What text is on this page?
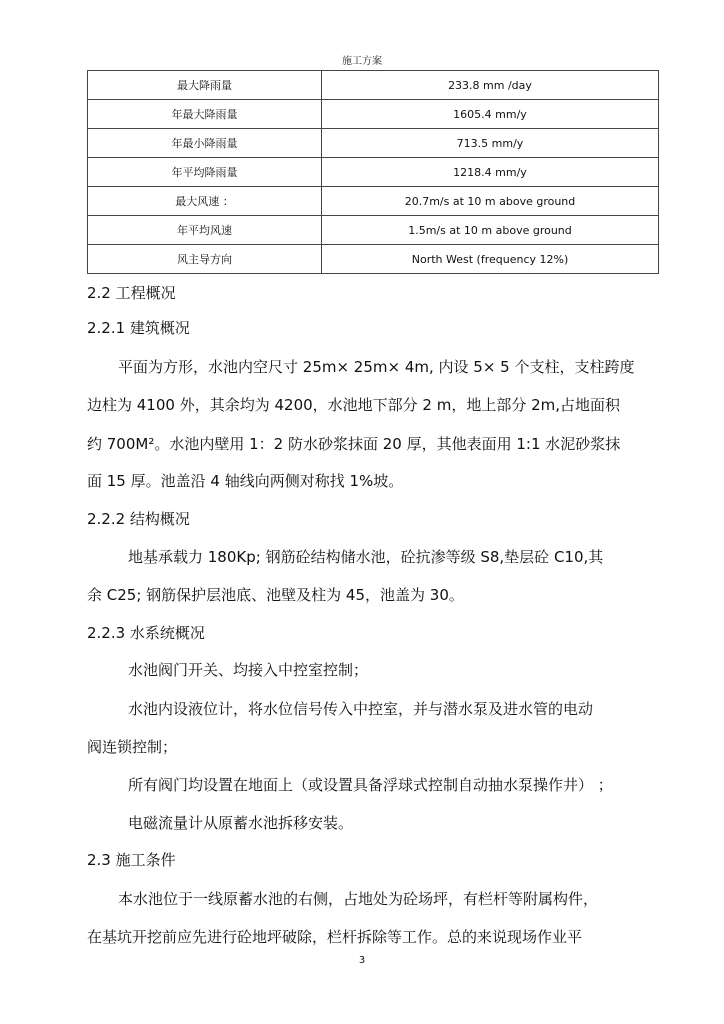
施工方案
最大降雨量	233.8 mm /day
年最大降雨量	1605.4 mm/y
年最小降雨量	713.5 mm/y
年平均降雨量	1218.4 mm/y
最大风速 ：	20.7m/s at 10 m above ground
年平均风速	1.5m/s at 10 m above ground
风主导方向	North West (frequency 12%)
2.2 工程概况
2.2.1 建筑概况
平面为方形，水池内空尺寸 25m× 25m× 4m, 内设 5× 5 个支柱，支柱跨度
边柱为 4100 外，其余均为 4200，水池地下部分 2 m，地上部分 2m,占地面积
约 700M²。水池内壁用 1：2 防水砂浆抹面 20 厚，其他表面用 1:1 水泥砂浆抹
面 15 厚。池盖沿 4 轴线向两侧对称找 1%坡。
2.2.2 结构概况
地基承载力 180Kp; 钢筋砼结构储水池，砼抗渗等级 S8,垫层砼 C10,其
余 C25; 钢筋保护层池底、池壁及柱为 45，池盖为 30。
2.2.3 水系统概况
水池阀门开关、均接入中控室控制；
水池内设液位计，将水位信号传入中控室，并与潜水泵及进水管的电动
阀连锁控制；
所有阀门均设置在地面上（或设置具备浮球式控制自动抽水泵操作井） ；
电磁流量计从原蓄水池拆移安装。
2.3 施工条件
本水池位于一线原蓄水池的右侧，占地处为砼场坪，有栏杆等附属构件，
在基坑开挖前应先进行砼地坪破除，栏杆拆除等工作。总的来说现场作业平
3
